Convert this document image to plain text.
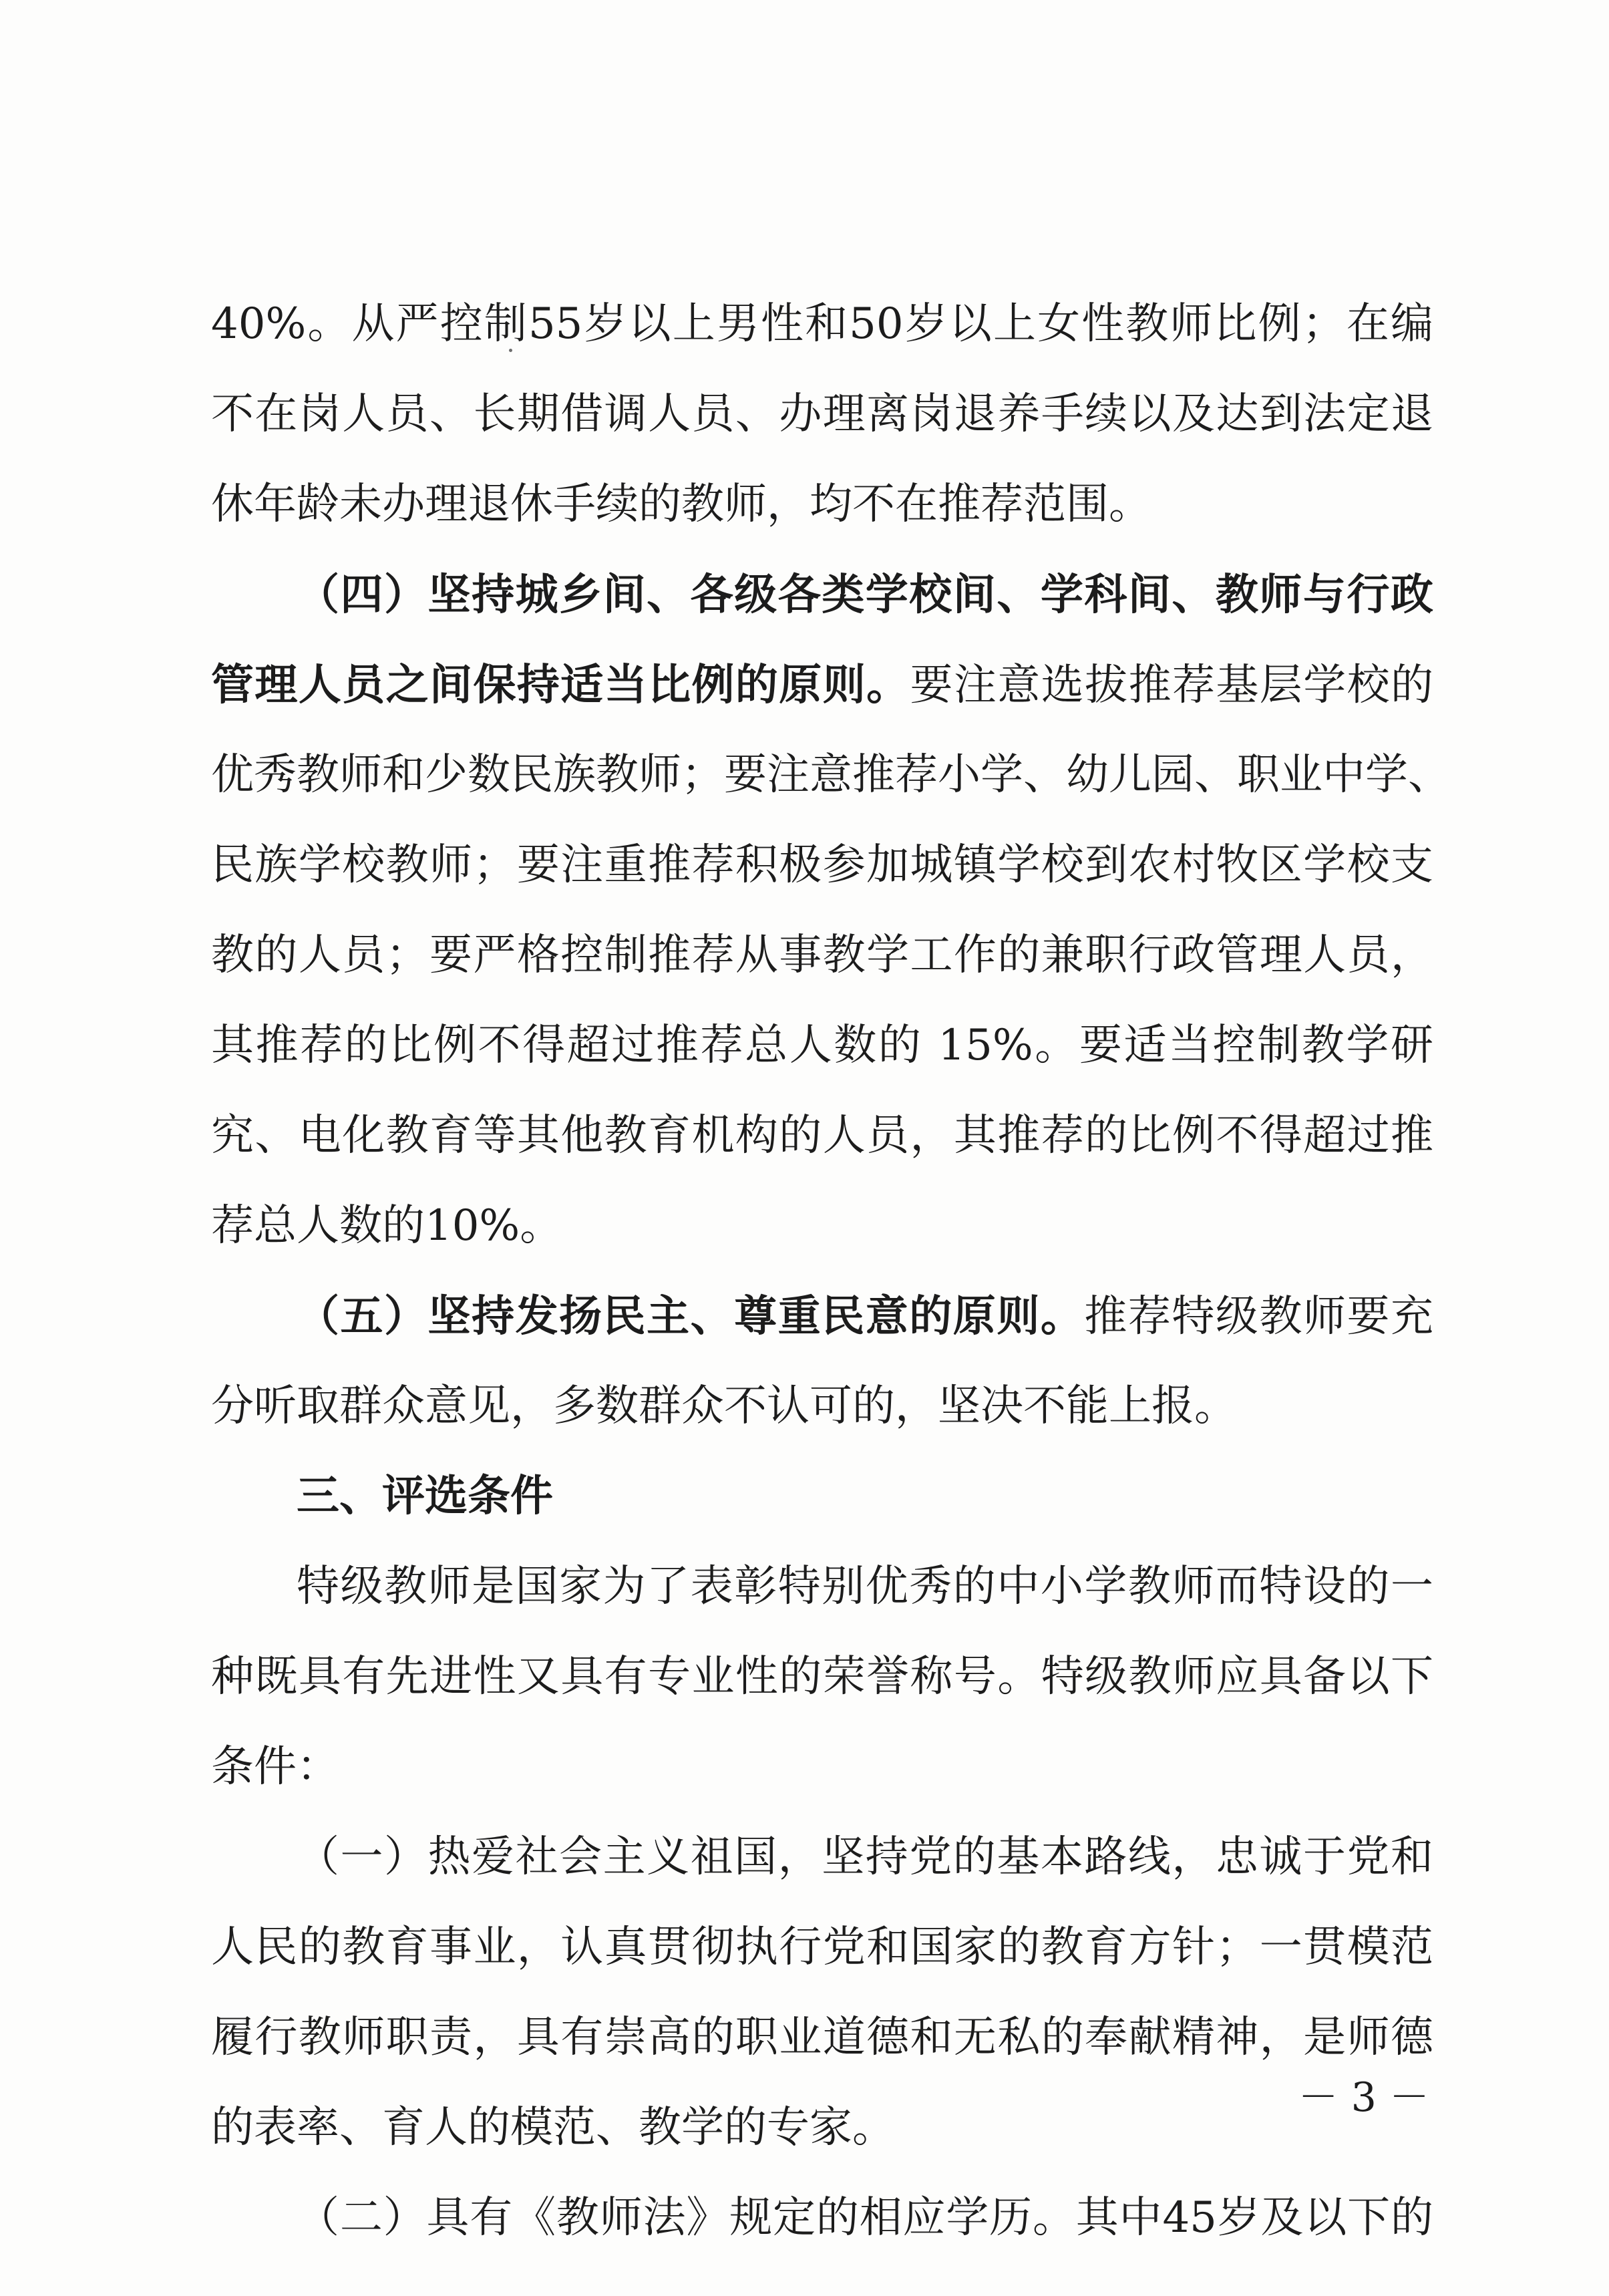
40%。从严控制55岁以上男性和50岁以上女性教师比例；在编
不在岗人员、长期借调人员、办理离岗退养手续以及达到法定退
休年龄未办理退休手续的教师，均不在推荐范围。
（四）坚持城乡间、各级各类学校间、学科间、教师与行政
管理人员之间保持适当比例的原则。要注意选拔推荐基层学校的
优秀教师和少数民族教师；要注意推荐小学、幼儿园、职业中学、
民族学校教师；要注重推荐积极参加城镇学校到农村牧区学校支
教的人员；要严格控制推荐从事教学工作的兼职行政管理人员，
其推荐的比例不得超过推荐总人数的 15%。要适当控制教学研
究、电化教育等其他教育机构的人员，其推荐的比例不得超过推
荐总人数的10%。
（五）坚持发扬民主、尊重民意的原则。推荐特级教师要充
分听取群众意见，多数群众不认可的，坚决不能上报。
三、评选条件
特级教师是国家为了表彰特别优秀的中小学教师而特设的一
种既具有先进性又具有专业性的荣誉称号。特级教师应具备以下
条件：
（一）热爱社会主义祖国，坚持党的基本路线，忠诚于党和
人民的教育事业，认真贯彻执行党和国家的教育方针；一贯模范
履行教师职责，具有崇高的职业道德和无私的奉献精神，是师德
的表率、育人的模范、教学的专家。
（二）具有《教师法》规定的相应学历。其中45岁及以下的
－ 3 －
